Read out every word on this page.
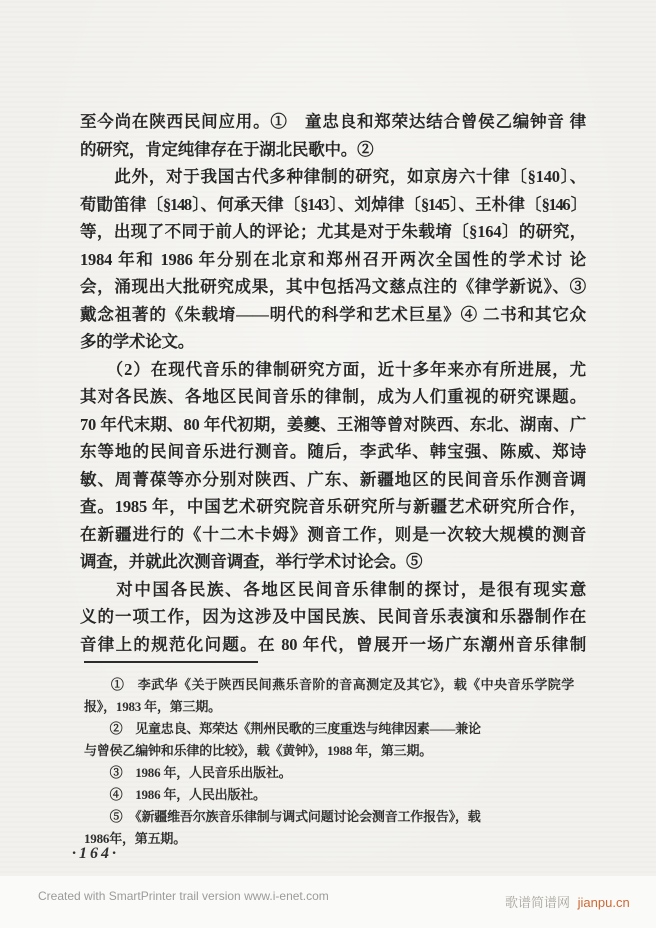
至今尚在陕西民间应用。①　童忠良和郑荣达结合曾侯乙编钟音 律
的研究，肯定纯律存在于湖北民歌中。②
　　此外，对于我国古代多种律制的研究，如京房六十律〔§140〕、
荀勖笛律〔§148〕、何承天律〔§143〕、刘焯律〔§145〕、王朴律〔§146〕
等，出现了不同于前人的评论；尤其是对于朱载堉〔§164〕的研究，
1984 年和 1986 年分别在北京和郑州召开两次全国性的学术讨 论
会，涌现出大批研究成果，其中包括冯文慈点注的《律学新说》、③
戴念祖著的《朱载堉——明代的科学和艺术巨星》④ 二书和其它众
多的学术论文。
　　（2）在现代音乐的律制研究方面，近十多年来亦有所进展，尤
其对各民族、各地区民间音乐的律制，成为人们重视的研究课题。
70 年代末期、80 年代初期，姜夔、王湘等曾对陕西、东北、湖南、广
东等地的民间音乐进行测音。随后，李武华、韩宝强、陈威、郑诗
敏、周菁葆等亦分别对陕西、广东、新疆地区的民间音乐作测音调
查。1985 年，中国艺术研究院音乐研究所与新疆艺术研究所合作，
在新疆进行的《十二木卡姆》测音工作，则是一次较大规模的测音
调查，并就此次测音调查，举行学术讨论会。⑤
　　对中国各民族、各地区民间音乐律制的探讨，是很有现实意
义的一项工作，因为这涉及中国民族、民间音乐表演和乐器制作在
音律上的规范化问题。在 80 年代，曾展开一场广东潮州音乐律制
　　①　李武华《关于陕西民间燕乐音阶的音高测定及其它》，载《中央音乐学院学
报》，1983 年，第三期。
　　②　见童忠良、郑荣达《荆州民歌的三度重迭与纯律因素——兼论
与曾侯乙编钟和乐律的比较》，载《黄钟》，1988 年，第三期。
　　③　1986 年，人民音乐出版社。
　　④　1986 年，人民出版社。
　　⑤　《新疆维吾尔族音乐律制与调式问题讨论会测音工作报告》，载
1986年，第五期。
·164·
Created with SmartPrinter trail version www.i-enet.com	歌谱简谱网 jianpu.cn
